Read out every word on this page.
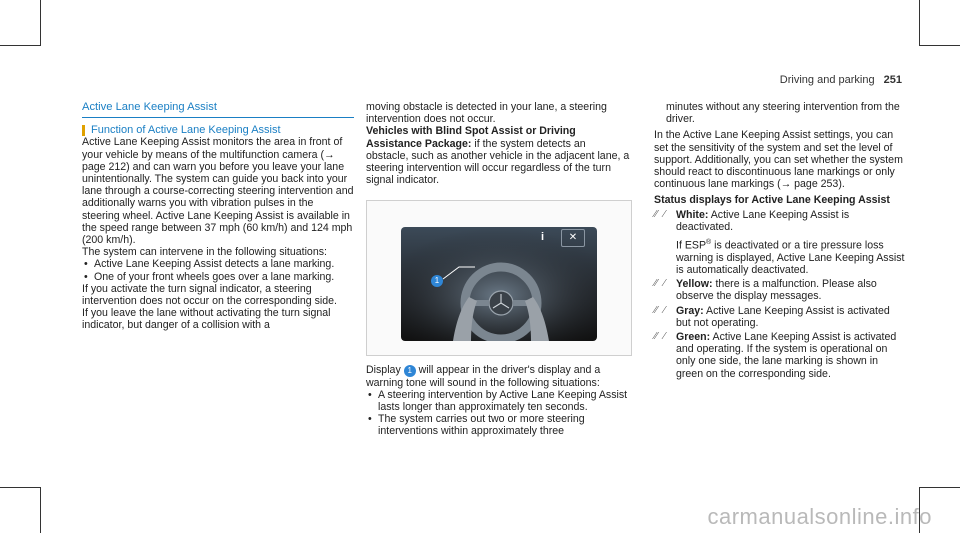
Driving and parking 251
Active Lane Keeping Assist
Function of Active Lane Keeping Assist

Active Lane Keeping Assist monitors the area in front of your vehicle by means of the multifunction camera (→ page 212) and can warn you before you leave your lane unintentionally. The system can guide you back into your lane through a course-correcting steering intervention and additionally warns you with vibration pulses in the steering wheel. Active Lane Keeping Assist is available in the speed range between 37 mph (60 km/h) and 124 mph (200 km/h).

The system can intervene in the following situations:

• Active Lane Keeping Assist detects a lane marking.
• One of your front wheels goes over a lane marking.

If you activate the turn signal indicator, a steering intervention does not occur on the corresponding side.

If you leave the lane without activating the turn signal indicator, but danger of a collision with a

moving obstacle is detected in your lane, a steering intervention does not occur.

Vehicles with Blind Spot Assist or Driving Assistance Package: if the system detects an obstacle, such as another vehicle in the adjacent lane, a steering intervention will occur regardless of the turn signal indicator.

1
i	✕

Display 1 will appear in the driver's display and a warning tone will sound in the following situations:

• A steering intervention by Active Lane Keeping Assist lasts longer than approximately ten seconds.
• The system carries out two or more steering interventions within approximately three

minutes without any steering intervention from the driver.

In the Active Lane Keeping Assist settings, you can set the sensitivity of the system and set the level of support. Additionally, you can set whether the system should react to discontinuous lane markings or only continuous lane markings (→ page 253).

Status displays for Active Lane Keeping Assist

⁄⁄ ⁄	White: Active Lane Keeping Assist is deactivated.

If ESP® is deactivated or a tire pressure loss warning is displayed, Active Lane Keeping Assist is automatically deactivated.

⁄⁄ ⁄	Yellow: there is a malfunction. Please also observe the display messages.

⁄⁄ ⁄	Gray: Active Lane Keeping Assist is activated but not operating.

⁄⁄ ⁄	Green: Active Lane Keeping Assist is activated and operating. If the system is operational on only one side, the lane marking is shown in green on the corresponding side.

carmanualsonline.info
